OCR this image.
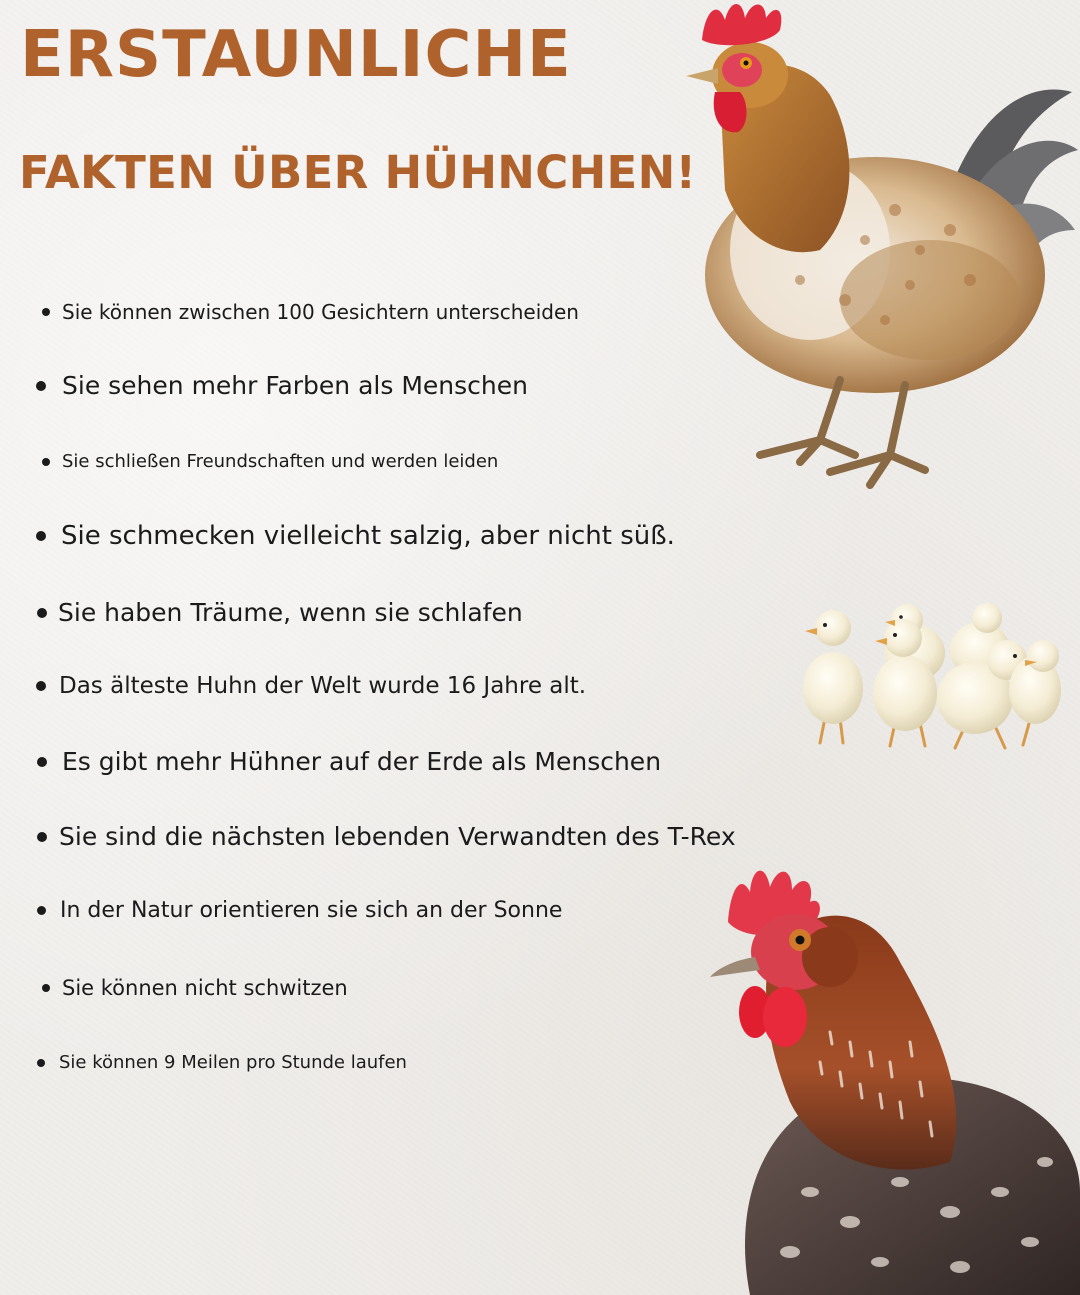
ERSTAUNLICHE
FAKTEN ÜBER HÜHNCHEN!
Sie können zwischen 100 Gesichtern unterscheiden
Sie sehen mehr Farben als Menschen
Sie schließen Freundschaften und werden leiden
Sie schmecken vielleicht salzig, aber nicht süß.
Sie haben Träume, wenn sie schlafen
Das älteste Huhn der Welt wurde 16 Jahre alt.
Es gibt mehr Hühner auf der Erde als Menschen
Sie sind die nächsten lebenden Verwandten des T-Rex
In der Natur orientieren sie sich an der Sonne
Sie können nicht schwitzen
Sie können 9 Meilen pro Stunde laufen
